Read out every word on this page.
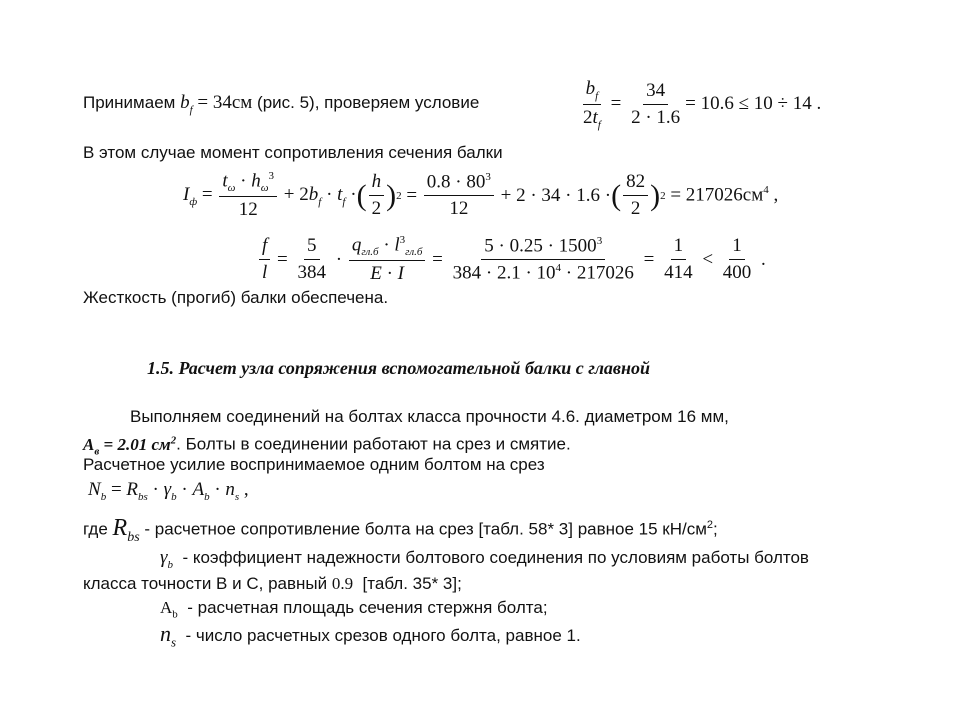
Принимаем $b_f = 34см$ (рис. 5), проверяем условие	$\frac{b_f}{2t_f} = \frac{34}{2 \cdot 1.6} = 10.6 \le 10 \div 14$ .
В этом случае момент сопротивления сечения балки
$I_ф = \frac{t_\omega \cdot h_\omega^3}{12} + 2b_f \cdot t_f$ · ( h
2 ) $2 = \frac{0.8 \cdot 80^3}{12} + 2 \cdot 34 \cdot 1.6$ · ( 82
2 ) $2 = 217026см^4$ ,
$\frac{f}{l} = \frac{5}{384}$ ·
$q_{гл.б} \cdot l^3_{гл.б}$
E · I
= $\frac{5 \cdot 0.25 \cdot 1500^3}{384 \cdot 2.1 \cdot 10^4 \cdot 217026} = \frac{1}{414}$ <
1
400
.
Жесткость (прогиб) балки обеспечена.
1.5. Расчет узла сопряжения вспомогательной балки с главной
Выполняем соединений на болтах класса прочности 4.6. диаметром 16 мм,
$A_в = 2.01$ $см^2$. Болты в соединении работают на срез и смятие.
Расчетное усилие воспринимаемое одним болтом на срез
$N_b = R_{bs} \cdot \gamma_b \cdot A_b \cdot n_s$ ,
где $R_{bs}$ - расчетное сопротивление болта на срез [табл. 58* 3] равное 15 $кН/см^2$;
$\gamma_b$ - коэффициент надежности болтового соединения по условиям работы болтов
класса точности В и С, равный 0.9 [табл. 35* 3];
$A_b$ - расчетная площадь сечения стержня болта;
$n_s$ - число расчетных срезов одного болта, равное 1.
